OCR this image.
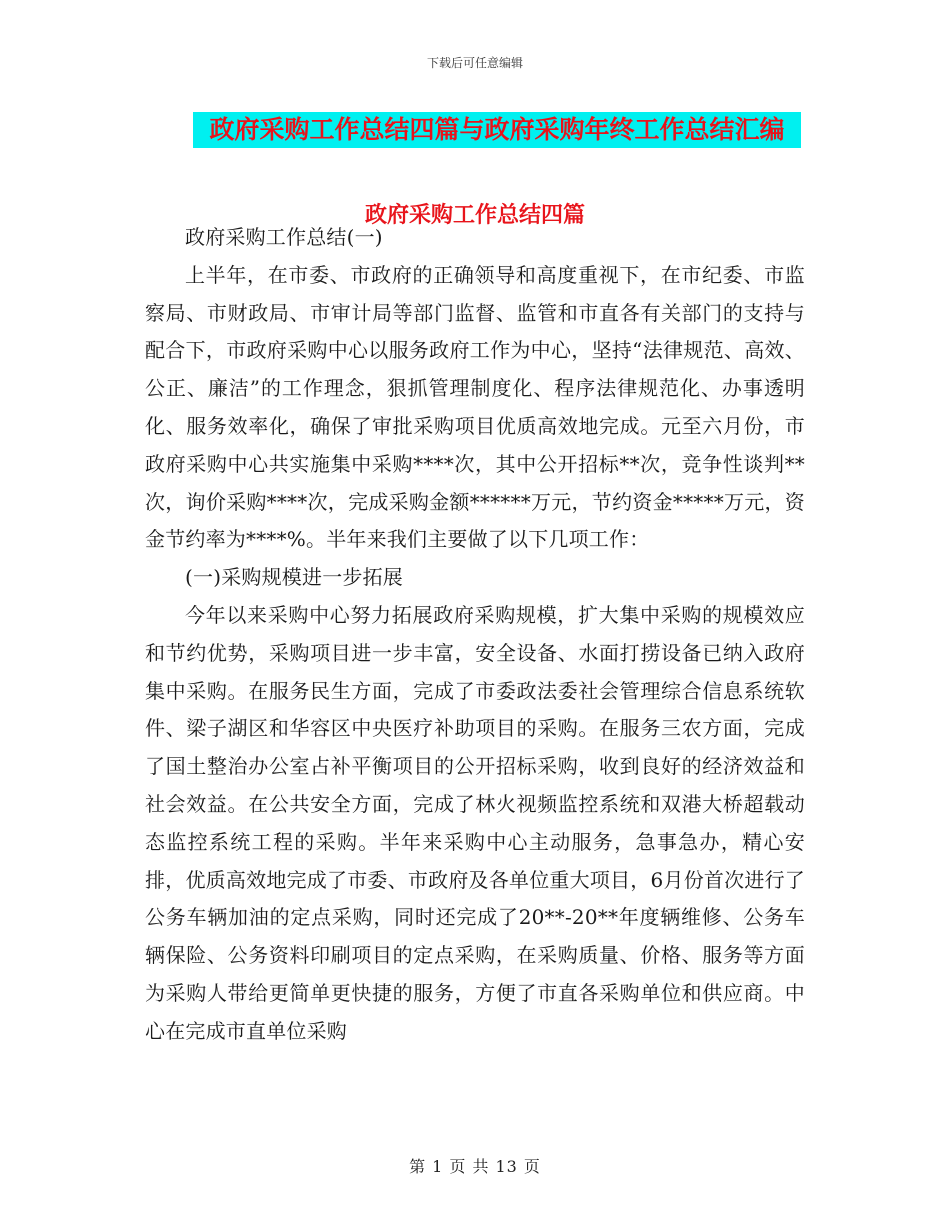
下载后可任意编辑
政府采购工作总结四篇与政府采购年终工作总结汇编
政府采购工作总结四篇

政府采购工作总结(一)

上半年，在市委、市政府的正确领导和高度重视下，在市纪委、市监察局、市财政局、市审计局等部门监督、监管和市直各有关部门的支持与配合下，市政府采购中心以服务政府工作为中心，坚持“法律规范、高效、公正、廉洁”的工作理念，狠抓管理制度化、程序法律规范化、办事透明化、服务效率化，确保了审批采购项目优质高效地完成。元至六月份，市政府采购中心共实施集中采购****次，其中公开招标**次，竞争性谈判**次，询价采购****次，完成采购金额******万元，节约资金*****万元，资金节约率为****%。半年来我们主要做了以下几项工作：

(一)采购规模进一步拓展

今年以来采购中心努力拓展政府采购规模，扩大集中采购的规模效应和节约优势，采购项目进一步丰富，安全设备、水面打捞设备已纳入政府集中采购。在服务民生方面，完成了市委政法委社会管理综合信息系统软件、梁子湖区和华容区中央医疗补助项目的采购。在服务三农方面，完成了国土整治办公室占补平衡项目的公开招标采购，收到良好的经济效益和社会效益。在公共安全方面，完成了林火视频监控系统和双港大桥超载动态监控系统工程的采购。半年来采购中心主动服务，急事急办，精心安排，优质高效地完成了市委、市政府及各单位重大项目，6月份首次进行了公务车辆加油的定点采购，同时还完成了20**-20**年度辆维修、公务车辆保险、公务资料印刷项目的定点采购，在采购质量、价格、服务等方面为采购人带给更简单更快捷的服务，方便了市直各采购单位和供应商。中心在完成市直单位采购

第 1 页 共 13 页
